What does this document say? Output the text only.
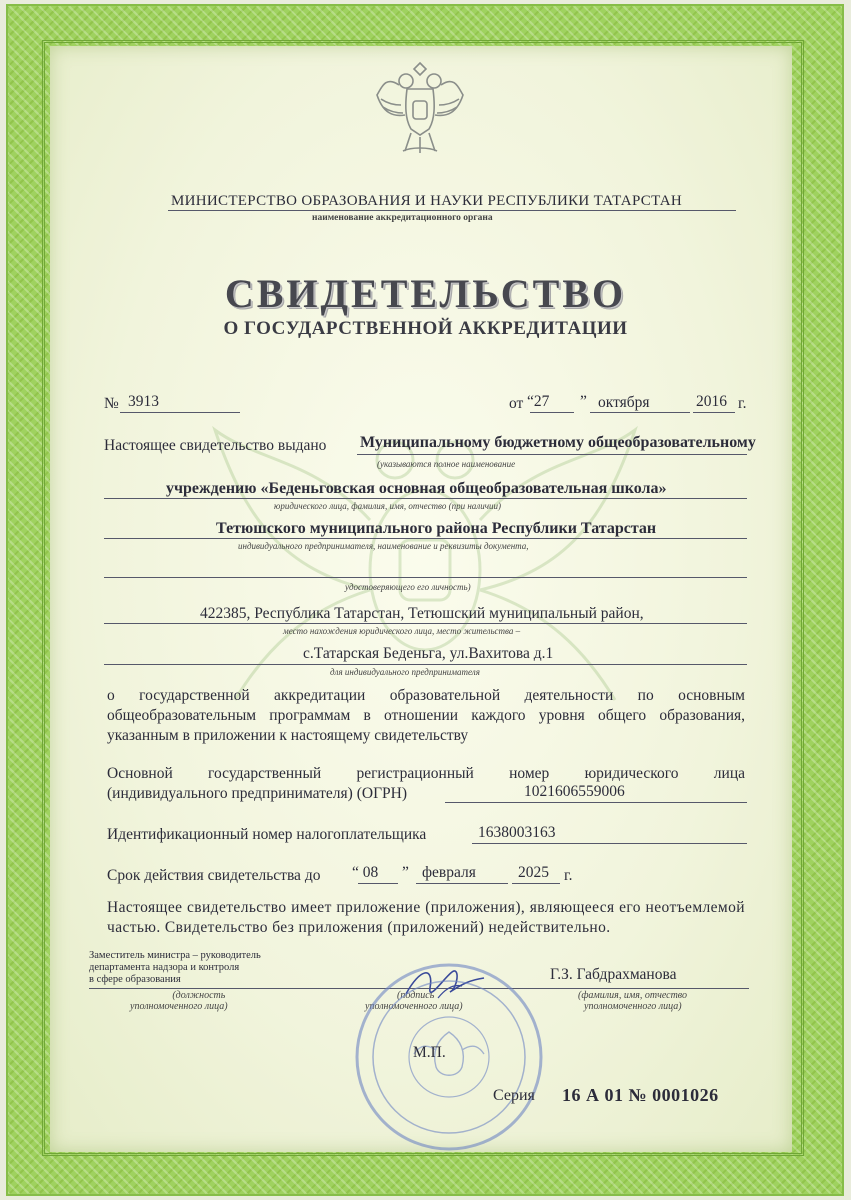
МИНИСТЕРСТВО ОБРАЗОВАНИЯ И НАУКИ РЕСПУБЛИКИ ТАТАРСТАН
наименование аккредитационного органа
СВИДЕТЕЛЬСТВО
О ГОСУДАРСТВЕННОЙ АККРЕДИТАЦИИ
№ 3913	от “27 ” октября	2016 г.
Настоящее свидетельство выдано Муниципальному бюджетному общеобразовательному
(указываются полное наименование
учреждению «Беденьговская основная общеобразовательная школа»
юридического лица, фамилия, имя, отчество (при наличии)
Тетюшского муниципального района Республики Татарстан
индивидуального предпринимателя, наименование и реквизиты документа,
удостоверяющего его личность)
422385, Республика Татарстан, Тетюшский муниципальный район,
место нахождения юридического лица, место жительства –
с.Татарская Беденьга, ул.Вахитова д.1
для индивидуального предпринимателя
о государственной аккредитации образовательной деятельности по основным общеобразовательным программам в отношении каждого уровня общего образования, указанным в приложении к настоящему свидетельству
Основной государственный регистрационный номер юридического лица
(индивидуального предпринимателя) (ОГРН)	1021606559006
Идентификационный номер налогоплательщика	1638003163
Срок действия свидетельства до “ 08 ” февраля	2025 г.
Настоящее свидетельство имеет приложение (приложения), являющееся его неотъемлемой частью. Свидетельство без приложения (приложений) недействительно.
Заместитель министра – руководитель
департамента надзора и контроля
в сфере образования
(должность
уполномоченного лица)
(подпись
уполномоченного лица)
Г.З. Габдрахманова
(фамилия, имя, отчество
уполномоченного лица)
М.П.
Серия 16 А 01 № 0001026
